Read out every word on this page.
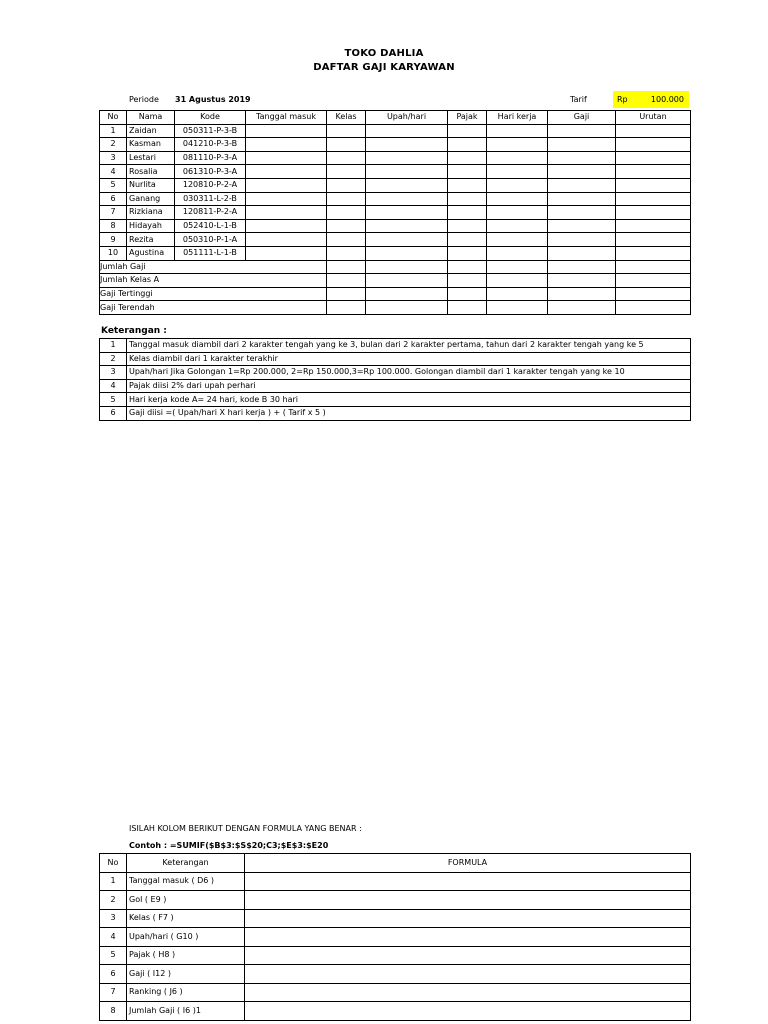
TOKO DAHLIA
DAFTAR GAJI KARYAWAN
Periode 31 Agustus 2019	Tarif	Rp	100.000
No	Nama	Kode	Tanggal masuk	Kelas	Upah/hari	Pajak	Hari kerja	Gaji	Urutan
1	Zaidan	050311-P-3-B							
2	Kasman	041210-P-3-B							
3	Lestari	081110-P-3-A							
4	Rosalia	061310-P-3-A							
5	Nurlita	120810-P-2-A							
6	Ganang	030311-L-2-B							
7	Rizkiana	120811-P-2-A							
8	Hidayah	052410-L-1-B							
9	Rezita	050310-P-1-A							
10	Agustina	051111-L-1-B							
Jumlah Gaji									
Jumlah Kelas A									
Gaji Tertinggi									
Gaji Terendah									
Keterangan :
1	Tanggal masuk diambil dari 2 karakter tengah yang ke 3, bulan dari 2 karakter pertama, tahun dari 2 karakter tengah yang ke 5
2	Kelas diambil dari 1 karakter terakhir
3	Upah/hari Jika Golongan 1=Rp 200.000, 2=Rp 150.000,3=Rp 100.000. Golongan diambil dari 1 karakter tengah yang ke 10
4	Pajak diisi 2% dari upah perhari
5	Hari kerja kode A= 24 hari, kode B 30 hari
6	Gaji diisi =( Upah/hari X hari kerja ) + ( Tarif x 5 )
ISILAH KOLOM BERIKUT DENGAN FORMULA YANG BENAR :
Contoh : =SUMIF($B$3:$S$20;C3;$E$3:$E20
No	Keterangan	FORMULA
1	Tanggal masuk ( D6 )	
2	Gol ( E9 )	
3	Kelas ( F7 )	
4	Upah/hari ( G10 )	
5	Pajak ( H8 )	
6	Gaji ( I12 )	
7	Ranking ( J6 )	
8	Jumlah Gaji ( I6 )1	
